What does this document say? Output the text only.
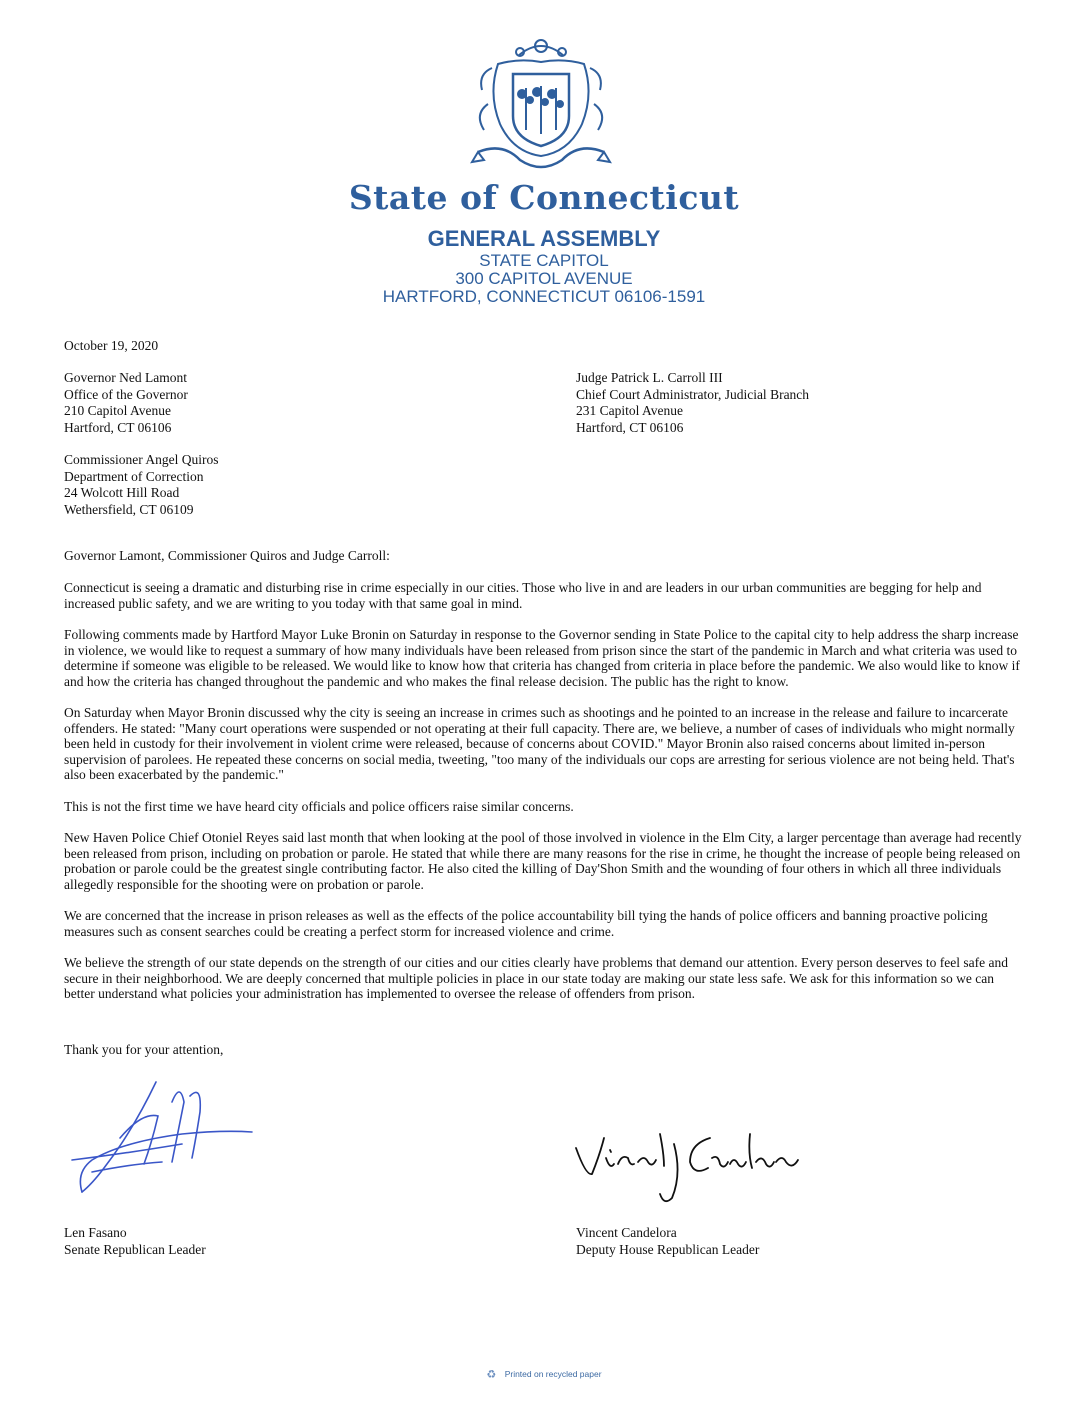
State of Connecticut
GENERAL ASSEMBLY
STATE CAPITOL
300 CAPITOL AVENUE
HARTFORD, CONNECTICUT 06106-1591
October 19, 2020
Governor Ned Lamont
Office of the Governor
210 Capitol Avenue
Hartford, CT 06106
Judge Patrick L. Carroll III
Chief Court Administrator, Judicial Branch
231 Capitol Avenue
Hartford, CT 06106
Commissioner Angel Quiros
Department of Correction
24 Wolcott Hill Road
Wethersfield, CT 06109
Governor Lamont, Commissioner Quiros and Judge Carroll:

Connecticut is seeing a dramatic and disturbing rise in crime especially in our cities. Those who live in and are leaders in our urban communities are begging for help and increased public safety, and we are writing to you today with that same goal in mind.

Following comments made by Hartford Mayor Luke Bronin on Saturday in response to the Governor sending in State Police to the capital city to help address the sharp increase in violence, we would like to request a summary of how many individuals have been released from prison since the start of the pandemic in March and what criteria was used to determine if someone was eligible to be released. We would like to know how that criteria has changed from criteria in place before the pandemic. We also would like to know if and how the criteria has changed throughout the pandemic and who makes the final release decision. The public has the right to know.

On Saturday when Mayor Bronin discussed why the city is seeing an increase in crimes such as shootings and he pointed to an increase in the release and failure to incarcerate offenders. He stated: "Many court operations were suspended or not operating at their full capacity. There are, we believe, a number of cases of individuals who might normally been held in custody for their involvement in violent crime were released, because of concerns about COVID." Mayor Bronin also raised concerns about limited in-person supervision of parolees. He repeated these concerns on social media, tweeting, "too many of the individuals our cops are arresting for serious violence are not being held. That's also been exacerbated by the pandemic."

This is not the first time we have heard city officials and police officers raise similar concerns.

New Haven Police Chief Otoniel Reyes said last month that when looking at the pool of those involved in violence in the Elm City, a larger percentage than average had recently been released from prison, including on probation or parole. He stated that while there are many reasons for the rise in crime, he thought the increase of people being released on probation or parole could be the greatest single contributing factor. He also cited the killing of Day'Shon Smith and the wounding of four others in which all three individuals allegedly responsible for the shooting were on probation or parole.

We are concerned that the increase in prison releases as well as the effects of the police accountability bill tying the hands of police officers and banning proactive policing measures such as consent searches could be creating a perfect storm for increased violence and crime.

We believe the strength of our state depends on the strength of our cities and our cities clearly have problems that demand our attention. Every person deserves to feel safe and secure in their neighborhood. We are deeply concerned that multiple policies in place in our state today are making our state less safe. We ask for this information so we can better understand what policies your administration has implemented to oversee the release of offenders from prison.

Thank you for your attention,
Len Fasano
Senate Republican Leader
Vincent Candelora
Deputy House Republican Leader
♻ Printed on recycled paper
